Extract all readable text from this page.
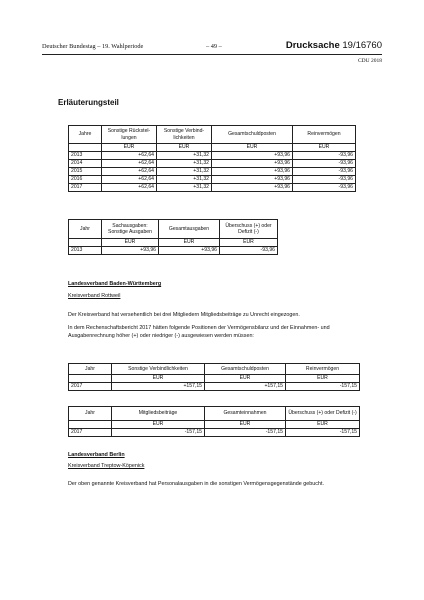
Deutscher Bundestag – 19. Wahlperiode	– 49 –	Drucksache 19/16760
CDU 2018
Erläuterungsteil
Jahre	Sonstige Rückstel-lungen	Sonstige Verbind-lichkeiten	Gesamtschuldposten	Reinvermögen
	EUR	EUR	EUR	EUR
2013	+62,64	+31,32	+93,96	-93,96
2014	+62,64	+31,32	+93,96	-93,96
2015	+62,64	+31,32	+93,96	-93,96
2016	+62,64	+31,32	+93,96	-93,96
2017	+62,64	+31,32	+93,96	-93,96
Jahr	Sachausgaben: Sonstige Ausgaben	Gesamtausgaben	Überschuss (+) oder Defizit (-)
	EUR	EUR	EUR
2013	+93,96	+93,96	-93,96
Landesverband Baden-Württemberg
Kreisverband Rottweil
Der Kreisverband hat versehentlich bei drei Mitgliedern Mitgliedsbeiträge zu Unrecht eingezogen.
In dem Rechenschaftsbericht 2017 hätten folgende Positionen der Vermögensbilanz und der Einnahmen- und Ausgabenrechnung höher (+) oder niedriger (-) ausgewiesen werden müssen:
Jahr	Sonstige Verbindlichkeiten	Gesamtschuldposten	Reinvermögen
	EUR	EUR	EUR
2017	+157,15	+157,15	-157,15
Jahr	Mitgliedsbeiträge	Gesamteinnahmen	Überschuss (+) oder Defizit (-)
	EUR	EUR	EUR
2017	-157,15	-157,15	-157,15
Landesverband Berlin
Kreisverband Treptow-Köpenick
Der oben genannte Kreisverband hat Personalausgaben in die sonstigen Vermögensgegenstände gebucht.
